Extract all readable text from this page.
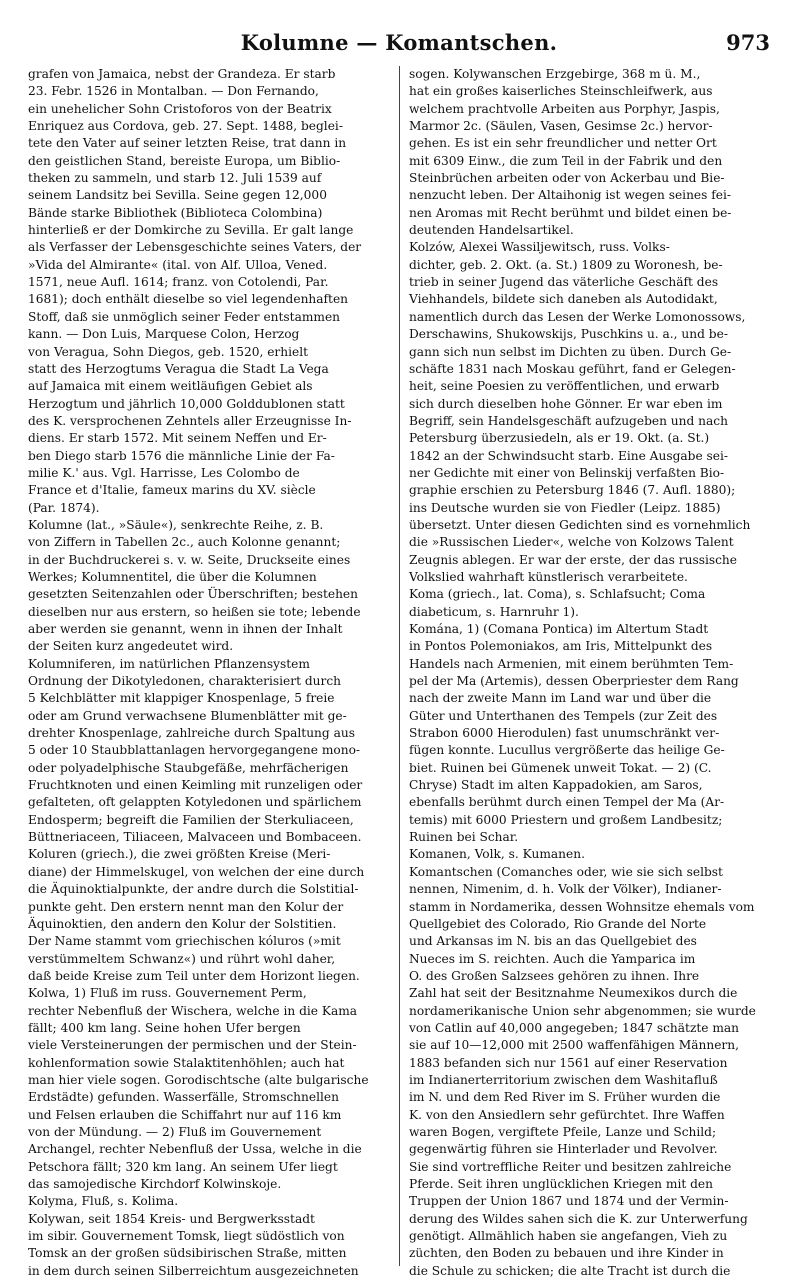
Kolumne — Komantschen.	973
grafen von Jamaica, nebst der Grandeza. Er starb
23. Febr. 1526 in Montalban. — Don Fernando,
ein unehelicher Sohn Cristoforos von der Beatrix
Enriquez aus Cordova, geb. 27. Sept. 1488, beglei-
tete den Vater auf seiner letzten Reise, trat dann in
den geistlichen Stand, bereiste Europa, um Biblio-
theken zu sammeln, und starb 12. Juli 1539 auf
seinem Landsitz bei Sevilla. Seine gegen 12,000
Bände starke Bibliothek (Biblioteca Colombina)
hinterließ er der Domkirche zu Sevilla. Er galt lange
als Verfasser der Lebensgeschichte seines Vaters, der
»Vida del Almirante« (ital. von Alf. Ulloa, Vened.
1571, neue Aufl. 1614; franz. von Cotolendi, Par.
1681); doch enthält dieselbe so viel legendenhaften
Stoff, daß sie unmöglich seiner Feder entstammen
kann. — Don Luis, Marquese Colon, Herzog
von Veragua, Sohn Diegos, geb. 1520, erhielt
statt des Herzogtums Veragua die Stadt La Vega
auf Jamaica mit einem weitläufigen Gebiet als
Herzogtum und jährlich 10,000 Golddublonen statt
des K. versprochenen Zehntels aller Erzeugnisse In-
diens. Er starb 1572. Mit seinem Neffen und Er-
ben Diego starb 1576 die männliche Linie der Fa-
milie K.' aus. Vgl. Harrisse, Les Colombo de
France et d'Italie, fameux marins du XV. siècle
(Par. 1874).
Kolumne (lat., »Säule«), senkrechte Reihe, z. B.
von Ziffern in Tabellen 2c., auch Kolonne genannt;
in der Buchdruckerei s. v. w. Seite, Druckseite eines
Werkes; Kolumnentitel, die über die Kolumnen
gesetzten Seitenzahlen oder Überschriften; bestehen
dieselben nur aus erstern, so heißen sie tote; lebende
aber werden sie genannt, wenn in ihnen der Inhalt
der Seiten kurz angedeutet wird.
Kolumniferen, im natürlichen Pflanzensystem
Ordnung der Dikotyledonen, charakterisiert durch
5 Kelchblätter mit klappiger Knospenlage, 5 freie
oder am Grund verwachsene Blumenblätter mit ge-
drehter Knospenlage, zahlreiche durch Spaltung aus
5 oder 10 Staubblattanlagen hervorgegangene mono-
oder polyadelphische Staubgefäße, mehrfächerigen
Fruchtknoten und einen Keimling mit runzeligen oder
gefalteten, oft gelappten Kotyledonen und spärlichem
Endosperm; begreift die Familien der Sterkuliaceen,
Büttneriaceen, Tiliaceen, Malvaceen und Bombaceen.
Koluren (griech.), die zwei größten Kreise (Meri-
diane) der Himmelskugel, von welchen der eine durch
die Äquinoktialpunkte, der andre durch die Solstitial-
punkte geht. Den erstern nennt man den Kolur der
Äquinoktien, den andern den Kolur der Solstitien.
Der Name stammt vom griechischen kóluros (»mit
verstümmeltem Schwanz«) und rührt wohl daher,
daß beide Kreise zum Teil unter dem Horizont liegen.
Kolwa, 1) Fluß im russ. Gouvernement Perm,
rechter Nebenfluß der Wischera, welche in die Kama
fällt; 400 km lang. Seine hohen Ufer bergen
viele Versteinerungen der permischen und der Stein-
kohlenformation sowie Stalaktitenhöhlen; auch hat
man hier viele sogen. Gorodischtsche (alte bulgarische
Erdstädte) gefunden. Wasserfälle, Stromschnellen
und Felsen erlauben die Schiffahrt nur auf 116 km
von der Mündung. — 2) Fluß im Gouvernement
Archangel, rechter Nebenfluß der Ussa, welche in die
Petschora fällt; 320 km lang. An seinem Ufer liegt
das samojedische Kirchdorf Kolwinskoje.
Kolyma, Fluß, s. Kolima.
Kolywan, seit 1854 Kreis- und Bergwerksstadt
im sibir. Gouvernement Tomsk, liegt südöstlich von
Tomsk an der großen südsibirischen Straße, mitten
in dem durch seinen Silberreichtum ausgezeichneten
sogen. Kolywanschen Erzgebirge, 368 m ü. M.,
hat ein großes kaiserliches Steinschleifwerk, aus
welchem prachtvolle Arbeiten aus Porphyr, Jaspis,
Marmor 2c. (Säulen, Vasen, Gesimse 2c.) hervor-
gehen. Es ist ein sehr freundlicher und netter Ort
mit 6309 Einw., die zum Teil in der Fabrik und den
Steinbrüchen arbeiten oder von Ackerbau und Bie-
nenzucht leben. Der Altaihonig ist wegen seines fei-
nen Aromas mit Recht berühmt und bildet einen be-
deutenden Handelsartikel.
Kolzów, Alexei Wassiljewitsch, russ. Volks-
dichter, geb. 2. Okt. (a. St.) 1809 zu Woronesh, be-
trieb in seiner Jugend das väterliche Geschäft des
Viehhandels, bildete sich daneben als Autodidakt,
namentlich durch das Lesen der Werke Lomonossows,
Derschawins, Shukowskijs, Puschkins u. a., und be-
gann sich nun selbst im Dichten zu üben. Durch Ge-
schäfte 1831 nach Moskau geführt, fand er Gelegen-
heit, seine Poesien zu veröffentlichen, und erwarb
sich durch dieselben hohe Gönner. Er war eben im
Begriff, sein Handelsgeschäft aufzugeben und nach
Petersburg überzusiedeln, als er 19. Okt. (a. St.)
1842 an der Schwindsucht starb. Eine Ausgabe sei-
ner Gedichte mit einer von Belinskij verfaßten Bio-
graphie erschien zu Petersburg 1846 (7. Aufl. 1880);
ins Deutsche wurden sie von Fiedler (Leipz. 1885)
übersetzt. Unter diesen Gedichten sind es vornehmlich
die »Russischen Lieder«, welche von Kolzows Talent
Zeugnis ablegen. Er war der erste, der das russische
Volkslied wahrhaft künstlerisch verarbeitete.
Koma (griech., lat. Coma), s. Schlafsucht; Coma
diabeticum, s. Harnruhr 1).
Komána, 1) (Comana Pontica) im Altertum Stadt
in Pontos Polemoniakos, am Iris, Mittelpunkt des
Handels nach Armenien, mit einem berühmten Tem-
pel der Ma (Artemis), dessen Oberpriester dem Rang
nach der zweite Mann im Land war und über die
Güter und Unterthanen des Tempels (zur Zeit des
Strabon 6000 Hierodulen) fast unumschränkt ver-
fügen konnte. Lucullus vergrößerte das heilige Ge-
biet. Ruinen bei Gümenek unweit Tokat. — 2) (C.
Chryse) Stadt im alten Kappadokien, am Saros,
ebenfalls berühmt durch einen Tempel der Ma (Ar-
temis) mit 6000 Priestern und großem Landbesitz;
Ruinen bei Schar.
Komanen, Volk, s. Kumanen.
Komantschen (Comanches oder, wie sie sich selbst
nennen, Nimenim, d. h. Volk der Völker), Indianer-
stamm in Nordamerika, dessen Wohnsitze ehemals vom
Quellgebiet des Colorado, Rio Grande del Norte
und Arkansas im N. bis an das Quellgebiet des
Nueces im S. reichten. Auch die Yamparica im
O. des Großen Salzsees gehören zu ihnen. Ihre
Zahl hat seit der Besitznahme Neumexikos durch die
nordamerikanische Union sehr abgenommen; sie wurde
von Catlin auf 40,000 angegeben; 1847 schätzte man
sie auf 10—12,000 mit 2500 waffenfähigen Männern,
1883 befanden sich nur 1561 auf einer Reservation
im Indianerterritorium zwischen dem Washitafluß
im N. und dem Red River im S. Früher wurden die
K. von den Ansiedlern sehr gefürchtet. Ihre Waffen
waren Bogen, vergiftete Pfeile, Lanze und Schild;
gegenwärtig führen sie Hinterlader und Revolver.
Sie sind vortreffliche Reiter und besitzen zahlreiche
Pferde. Seit ihren unglücklichen Kriegen mit den
Truppen der Union 1867 und 1874 und der Vermin-
derung des Wildes sahen sich die K. zur Unterwerfung
genötigt. Allmählich haben sie angefangen, Vieh zu
züchten, den Boden zu bebauen und ihre Kinder in
die Schule zu schicken; die alte Tracht ist durch die
